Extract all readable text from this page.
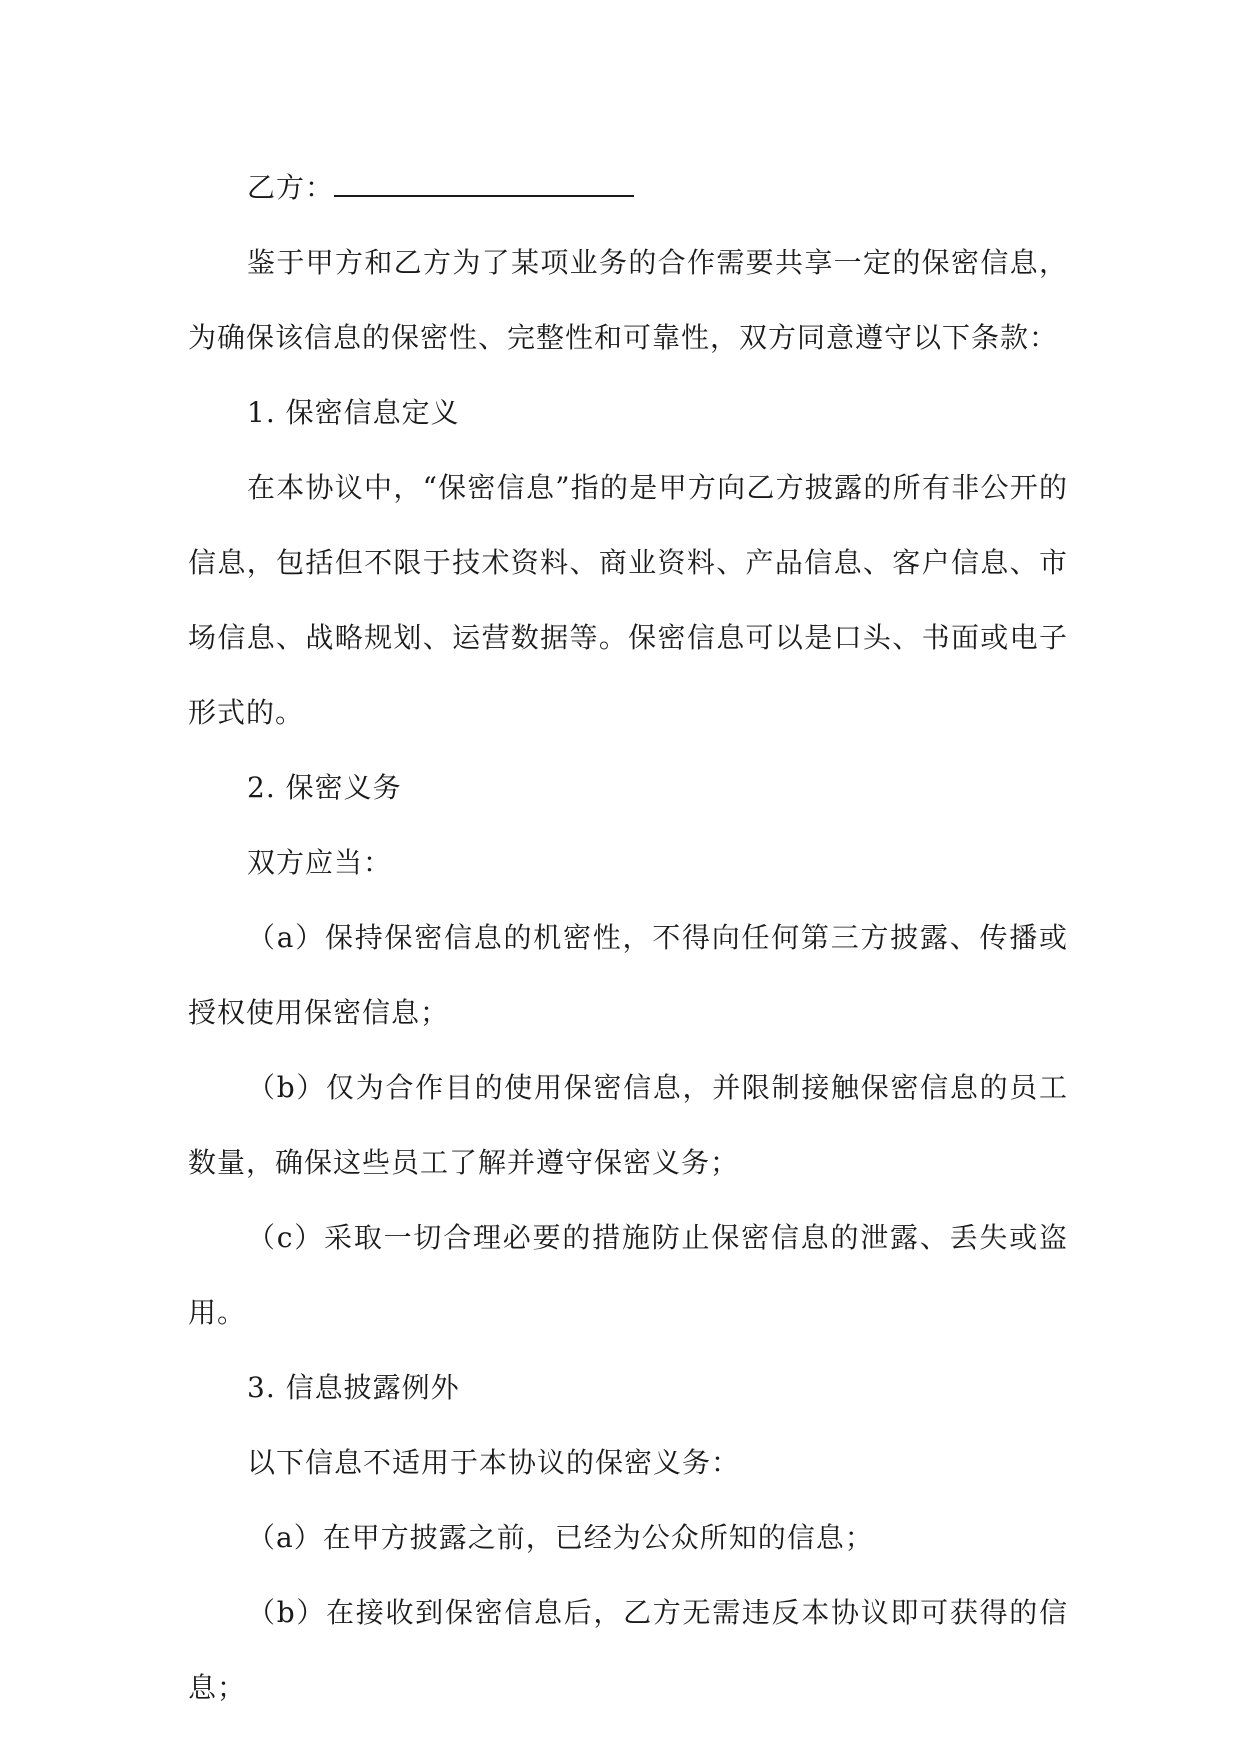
乙方：

鉴于甲方和乙方为了某项业务的合作需要共享一定的保密信息，为确保该信息的保密性、完整性和可靠性，双方同意遵守以下条款：

1. 保密信息定义

在本协议中，“保密信息”指的是甲方向乙方披露的所有非公开的信息，包括但不限于技术资料、商业资料、产品信息、客户信息、市场信息、战略规划、运营数据等。保密信息可以是口头、书面或电子形式的。

2. 保密义务

双方应当：

（a）保持保密信息的机密性，不得向任何第三方披露、传播或授权使用保密信息；

（b）仅为合作目的使用保密信息，并限制接触保密信息的员工数量，确保这些员工了解并遵守保密义务；

（c）采取一切合理必要的措施防止保密信息的泄露、丢失或盗用。

3. 信息披露例外

以下信息不适用于本协议的保密义务：

（a）在甲方披露之前，已经为公众所知的信息；

（b）在接收到保密信息后，乙方无需违反本协议即可获得的信息；
